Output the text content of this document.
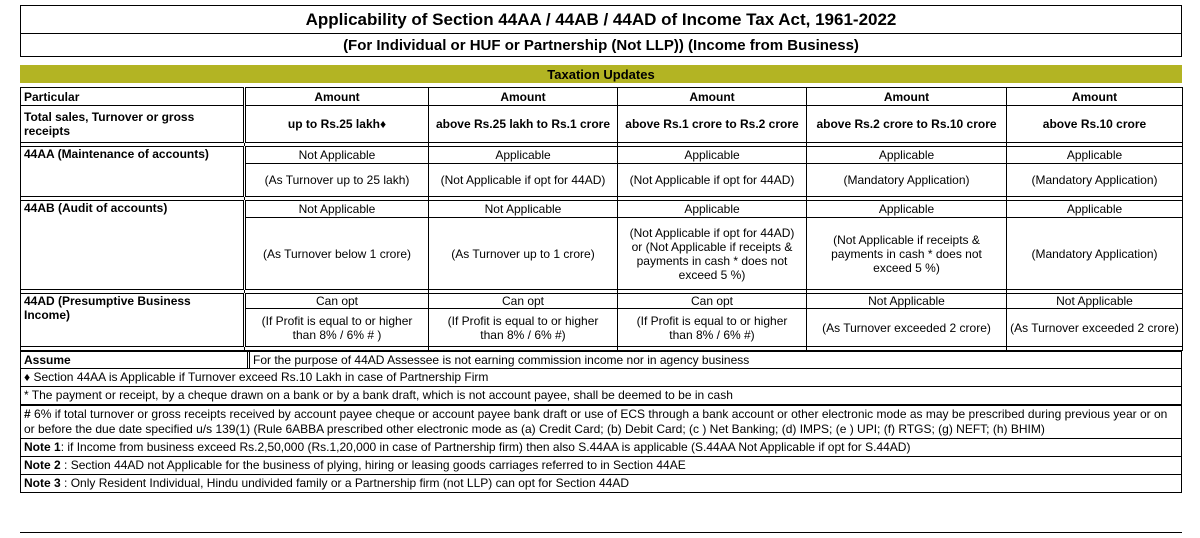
Applicability of Section 44AA / 44AB / 44AD of Income Tax Act, 1961-2022
(For Individual or HUF or Partnership (Not LLP)) (Income from Business)
Taxation Updates
Particular	Amount	Amount	Amount	Amount	Amount
Total sales, Turnover or gross receipts	up to Rs.25 lakh♦	above Rs.25 lakh to Rs.1 crore	above Rs.1 crore to Rs.2 crore	above Rs.2 crore to Rs.10 crore	above Rs.10 crore

44AA (Maintenance of accounts)	Not Applicable	Applicable	Applicable	Applicable	Applicable
	(As Turnover up to 25 lakh)	(Not Applicable if opt for 44AD)	(Not Applicable if opt for 44AD)	(Mandatory Application)	(Mandatory Application)

44AB (Audit of accounts)	Not Applicable	Not Applicable	Applicable	Applicable	Applicable
	(As Turnover below 1 crore)	(As Turnover up to 1 crore)	(Not Applicable if opt for 44AD) or (Not Applicable if receipts & payments in cash * does not exceed 5 %)	(Not Applicable if receipts & payments in cash * does not exceed 5 %)	(Mandatory Application)

44AD (Presumptive Business Income)	Can opt	Can opt	Can opt	Not Applicable	Not Applicable
	(If Profit is equal to or higher than 8% / 6% # )	(If Profit is equal to or higher than 8% / 6% #)	(If Profit is equal to or higher than 8% / 6% #)	(As Turnover exceeded 2 crore)	(As Turnover exceeded 2 crore)

Assume	For the purpose of 44AD Assessee is not earning commission income nor in agency business
♦ Section 44AA is Applicable if Turnover exceed Rs.10 Lakh in case of Partnership Firm
* The payment or receipt, by a cheque drawn on a bank or by a bank draft, which is not account payee, shall be deemed to be in cash
# 6% if total turnover or gross receipts received by account payee cheque or account payee bank draft or use of ECS through a bank account or other electronic mode as may be prescribed during previous year or on or before the due date specified u/s 139(1) (Rule 6ABBA prescribed other electronic mode as (a) Credit Card; (b) Debit Card; (c ) Net Banking; (d) IMPS; (e ) UPI; (f) RTGS; (g) NEFT; (h) BHIM)
Note 1: if Income from business exceed Rs.2,50,000 (Rs.1,20,000 in case of Partnership firm) then also S.44AA is applicable (S.44AA Not Applicable if opt for S.44AD)
Note 2 : Section 44AD not Applicable for the business of plying, hiring or leasing goods carriages referred to in Section 44AE
Note 3 : Only Resident Individual, Hindu undivided family or a Partnership firm (not LLP) can opt for Section 44AD
